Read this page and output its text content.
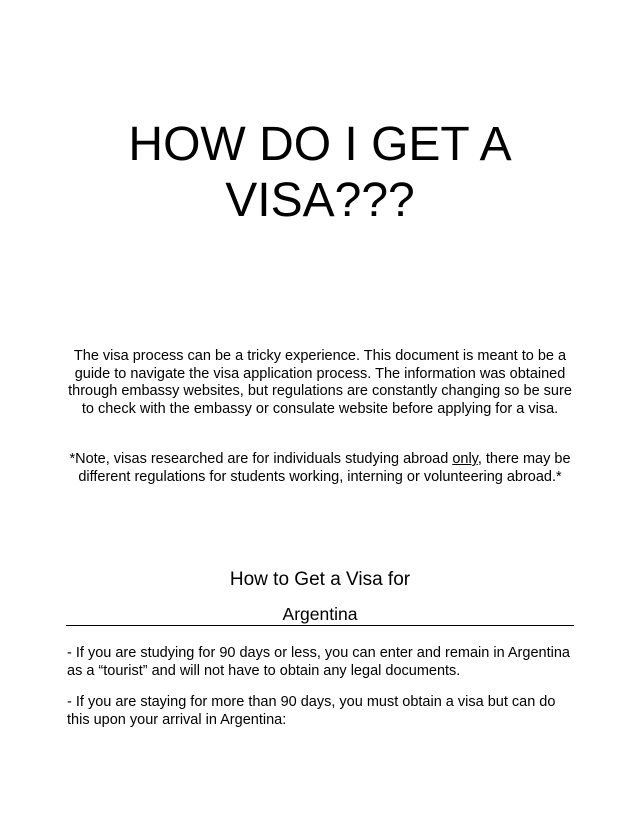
HOW DO I GET A
VISA???

The visa process can be a tricky experience. This document is meant to be a guide to navigate the visa application process. The information was obtained through embassy websites, but regulations are constantly changing so be sure to check with the embassy or consulate website before applying for a visa.

*Note, visas researched are for individuals studying abroad only, there may be different regulations for students working, interning or volunteering abroad.*

How to Get a Visa for
Argentina

- If you are studying for 90 days or less, you can enter and remain in Argentina as a “tourist” and will not have to obtain any legal documents.

- If you are staying for more than 90 days, you must obtain a visa but can do this upon your arrival in Argentina:
